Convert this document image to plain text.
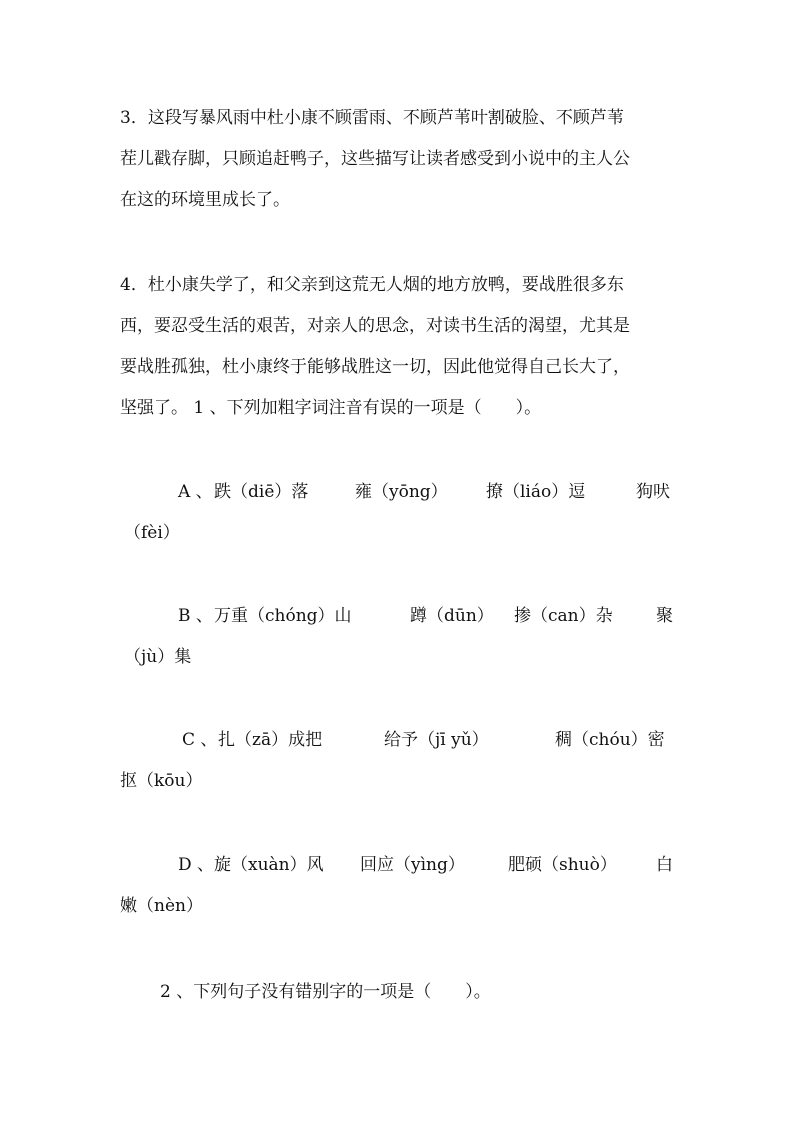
3．这段写暴风雨中杜小康不顾雷雨、不顾芦苇叶割破脸、不顾芦苇

茬儿戳存脚，只顾追赶鸭子，这些描写让读者感受到小说中的主人公

在这的环境里成长了。

4．杜小康失学了，和父亲到这荒无人烟的地方放鸭，要战胜很多东

西，要忍受生活的艰苦，对亲人的思念，对读书生活的渴望，尤其是

要战胜孤独，杜小康终于能够战胜这一切，因此他觉得自己长大了，

坚强了。 1 、下列加粗字词注音有误的一项是（　　）。

A 、 跌（diē）落	雍（yōng） 撩（liáo）逗	狗吠
（fèi）
B 、 万重（chóng）山	蹲（dūn） 掺（can）杂	聚
（jù）集
C 、 扎（zā）成把	给予（jī yǔ）	稠（chóu）密
抠（kōu）
D 、 旋（xuàn）风 回应（yìng）	肥硕（shuò） 白
嫩（nèn）

2 、下列句子没有错别字的一项是（　　）。
